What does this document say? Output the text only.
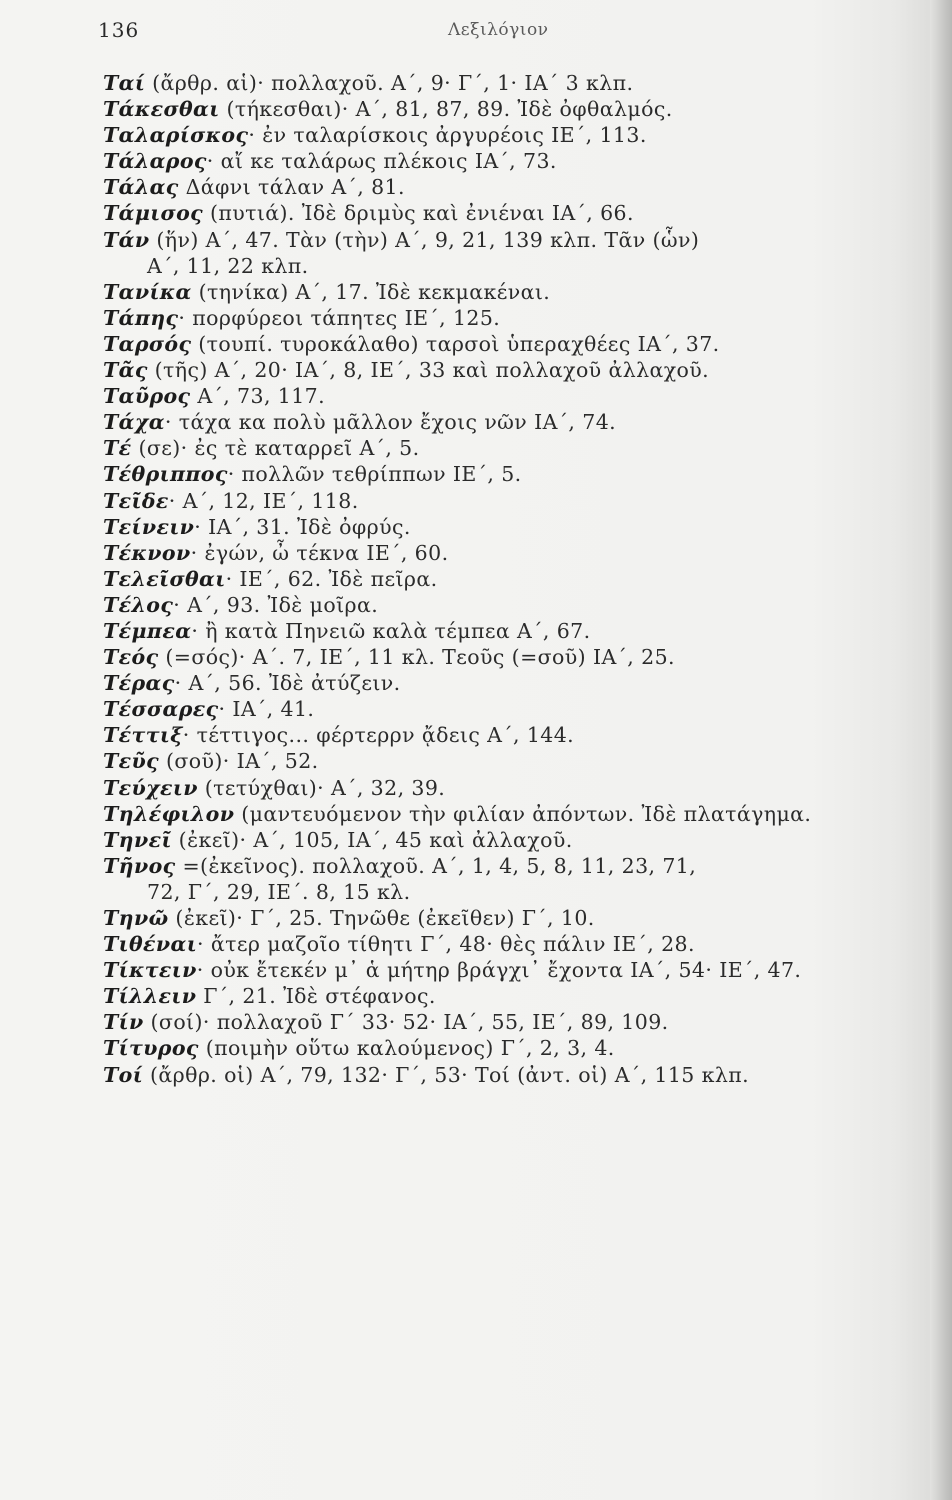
136	Λεξιλόγιον
Ταί (ἄρθρ. αἱ)· πολλαχοῦ. Α΄, 9· Γ΄, 1· ΙΑ΄ 3 κλπ.
Τάκεσθαι (τήκεσθαι)· Α΄, 81, 87, 89. Ἰδὲ ὀφθαλμός.
Ταλαρίσκος· ἐν ταλαρίσκοις ἀργυρέοις ΙΕ΄, 113.
Τάλαρος· αἴ κε ταλάρως πλέκοις ΙΑ΄, 73.
Τάλας Δάφνι τάλαν Α΄, 81.
Τάμισος (πυτιά). Ἰδὲ δριμὺς καὶ ἐνιέναι ΙΑ΄, 66.
Τάν (ἥν) Α΄, 47. Τὰν (τὴν) Α΄, 9, 21, 139 κλπ. Τᾶν (ὧν)
Α΄, 11, 22 κλπ.
Τανίκα (τηνίκα) Α΄, 17. Ἰδὲ κεκμακέναι.
Τάπης· πορφύρεοι τάπητες ΙΕ΄, 125.
Ταρσός (τουπί. τυροκάλαθο) ταρσοὶ ὑπεραχθέες ΙΑ΄, 37.
Τᾶς (τῆς) Α΄, 20· ΙΑ΄, 8, ΙΕ΄, 33 καὶ πολλαχοῦ ἀλλαχοῦ.
Ταῦρος Α΄, 73, 117.
Τάχα· τάχα κα πολὺ μᾶλλον ἔχοις νῶν ΙΑ΄, 74.
Τέ (σε)· ἐς τὲ καταρρεῖ Α΄, 5.
Τέθριππος· πολλῶν τεθρίππων ΙΕ΄, 5.
Τεῖδε· Α΄, 12, ΙΕ΄, 118.
Τείνειν· ΙΑ΄, 31. Ἰδὲ ὀφρύς.
Τέκνον· ἐγών, ὦ τέκνα ΙΕ΄, 60.
Τελεῖσθαι· ΙΕ΄, 62. Ἰδὲ πεῖρα.
Τέλος· Α΄, 93. Ἰδὲ μοῖρα.
Τέμπεα· ἢ κατὰ Πηνειῶ καλὰ τέμπεα Α΄, 67.
Τεός (=σός)· Α΄. 7, ΙΕ΄, 11 κλ. Τεοῦς (=σοῦ) ΙΑ΄, 25.
Τέρας· Α΄, 56. Ἰδὲ ἀτύζειν.
Τέσσαρες· ΙΑ΄, 41.
Τέττιξ· τέττιγος... φέρτερρν ᾄδεις Α΄, 144.
Τεῦς (σοῦ)· ΙΑ΄, 52.
Τεύχειν (τετύχθαι)· Α΄, 32, 39.
Τηλέφιλον (μαντευόμενον τὴν φιλίαν ἀπόντων. Ἰδὲ πλατάγημα.
Τηνεῖ (ἐκεῖ)· Α΄, 105, ΙΑ΄, 45 καὶ ἀλλαχοῦ.
Τῆνος =(ἐκεῖνος). πολλαχοῦ. Α΄, 1, 4, 5, 8, 11, 23, 71,
72, Γ΄, 29, ΙΕ΄. 8, 15 κλ.
Τηνῶ (ἐκεῖ)· Γ΄, 25. Τηνῶθε (ἐκεῖθεν) Γ΄, 10.
Τιθέναι· ἄτερ μαζοῖο τίθητι Γ΄, 48· θὲς πάλιν ΙΕ΄, 28.
Τίκτειν· οὐκ ἔτεκέν μ᾽ ἁ μήτηρ βράγχι᾽ ἔχοντα ΙΑ΄, 54· ΙΕ΄, 47.
Τίλλειν Γ΄, 21. Ἰδὲ στέφανος.
Τίν (σοί)· πολλαχοῦ Γ΄ 33· 52· ΙΑ΄, 55, ΙΕ΄, 89, 109.
Τίτυρος (ποιμὴν οὕτω καλούμενος) Γ΄, 2, 3, 4.
Τοί (ἄρθρ. οἱ) Α΄, 79, 132· Γ΄, 53· Τοί (ἀντ. οἱ) Α΄, 115 κλπ.
